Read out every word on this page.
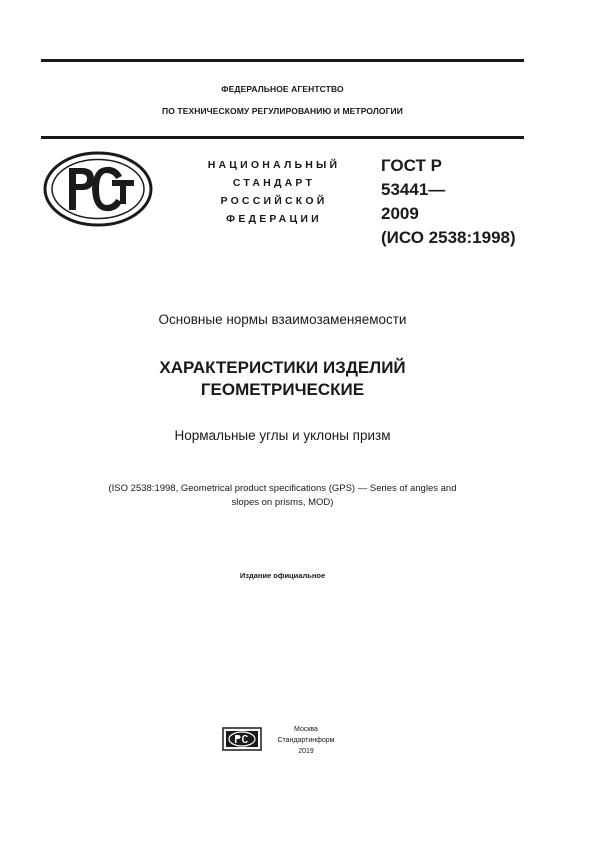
ФЕДЕРАЛЬНОЕ АГЕНТСТВО
ПО ТЕХНИЧЕСКОМУ РЕГУЛИРОВАНИЮ И МЕТРОЛОГИИ
НАЦИОНАЛЬНЫЙ
СТАНДАРТ
РОССИЙСКОЙ
ФЕДЕРАЦИИ
ГОСТ Р
53441—
2009
(ИСО 2538:1998)
Основные нормы взаимозаменяемости
ХАРАКТЕРИСТИКИ ИЗДЕЛИЙ
ГЕОМЕТРИЧЕСКИЕ
Нормальные углы и уклоны призм
(ISO 2538:1998, Geometrical product specifications (GPS) — Series of angles and
slopes on prisms, MOD)
Издание официальное
Москва
Стандартинформ
2019
